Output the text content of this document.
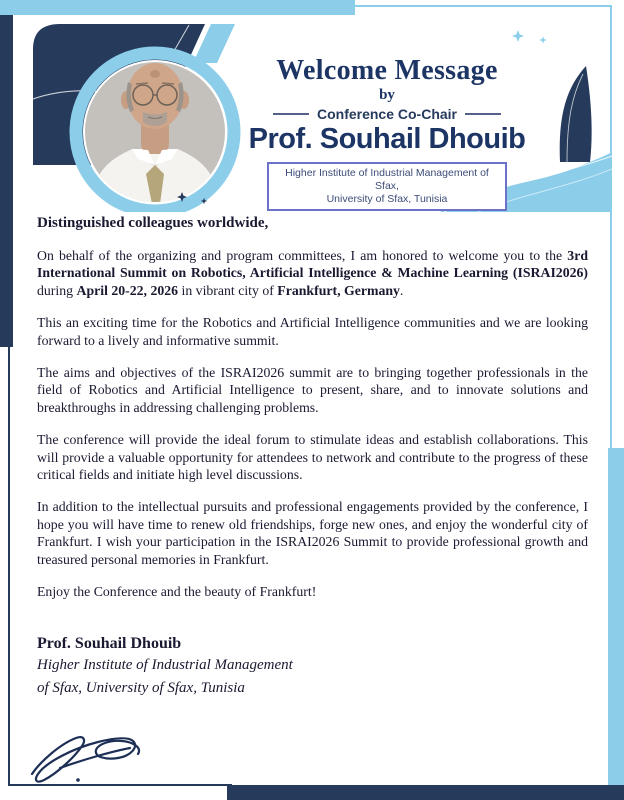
Welcome Message
by
Conference Co-Chair
Prof. Souhail Dhouib
Higher Institute of Industrial Management of Sfax,
University of Sfax, Tunisia

Distinguished colleagues worldwide,

On behalf of the organizing and program committees, I am honored to welcome you to the 3rd International Summit on Robotics, Artificial Intelligence & Machine Learning (ISRAI2026) during April 20-22, 2026 in vibrant city of Frankfurt, Germany.

This an exciting time for the Robotics and Artificial Intelligence communities and we are looking forward to a lively and informative summit.

The aims and objectives of the ISRAI2026 summit are to bringing together professionals in the field of Robotics and Artificial Intelligence to present, share, and to innovate solutions and breakthroughs in addressing challenging problems.

The conference will provide the ideal forum to stimulate ideas and establish collaborations. This will provide a valuable opportunity for attendees to network and contribute to the progress of these critical fields and initiate high level discussions.

In addition to the intellectual pursuits and professional engagements provided by the conference, I hope you will have time to renew old friendships, forge new ones, and enjoy the wonderful city of Frankfurt. I wish your participation in the ISRAI2026 Summit to provide professional growth and treasured personal memories in Frankfurt.

Enjoy the Conference and the beauty of Frankfurt!

Prof. Souhail Dhouib
Higher Institute of Industrial Management
of Sfax, University of Sfax, Tunisia
